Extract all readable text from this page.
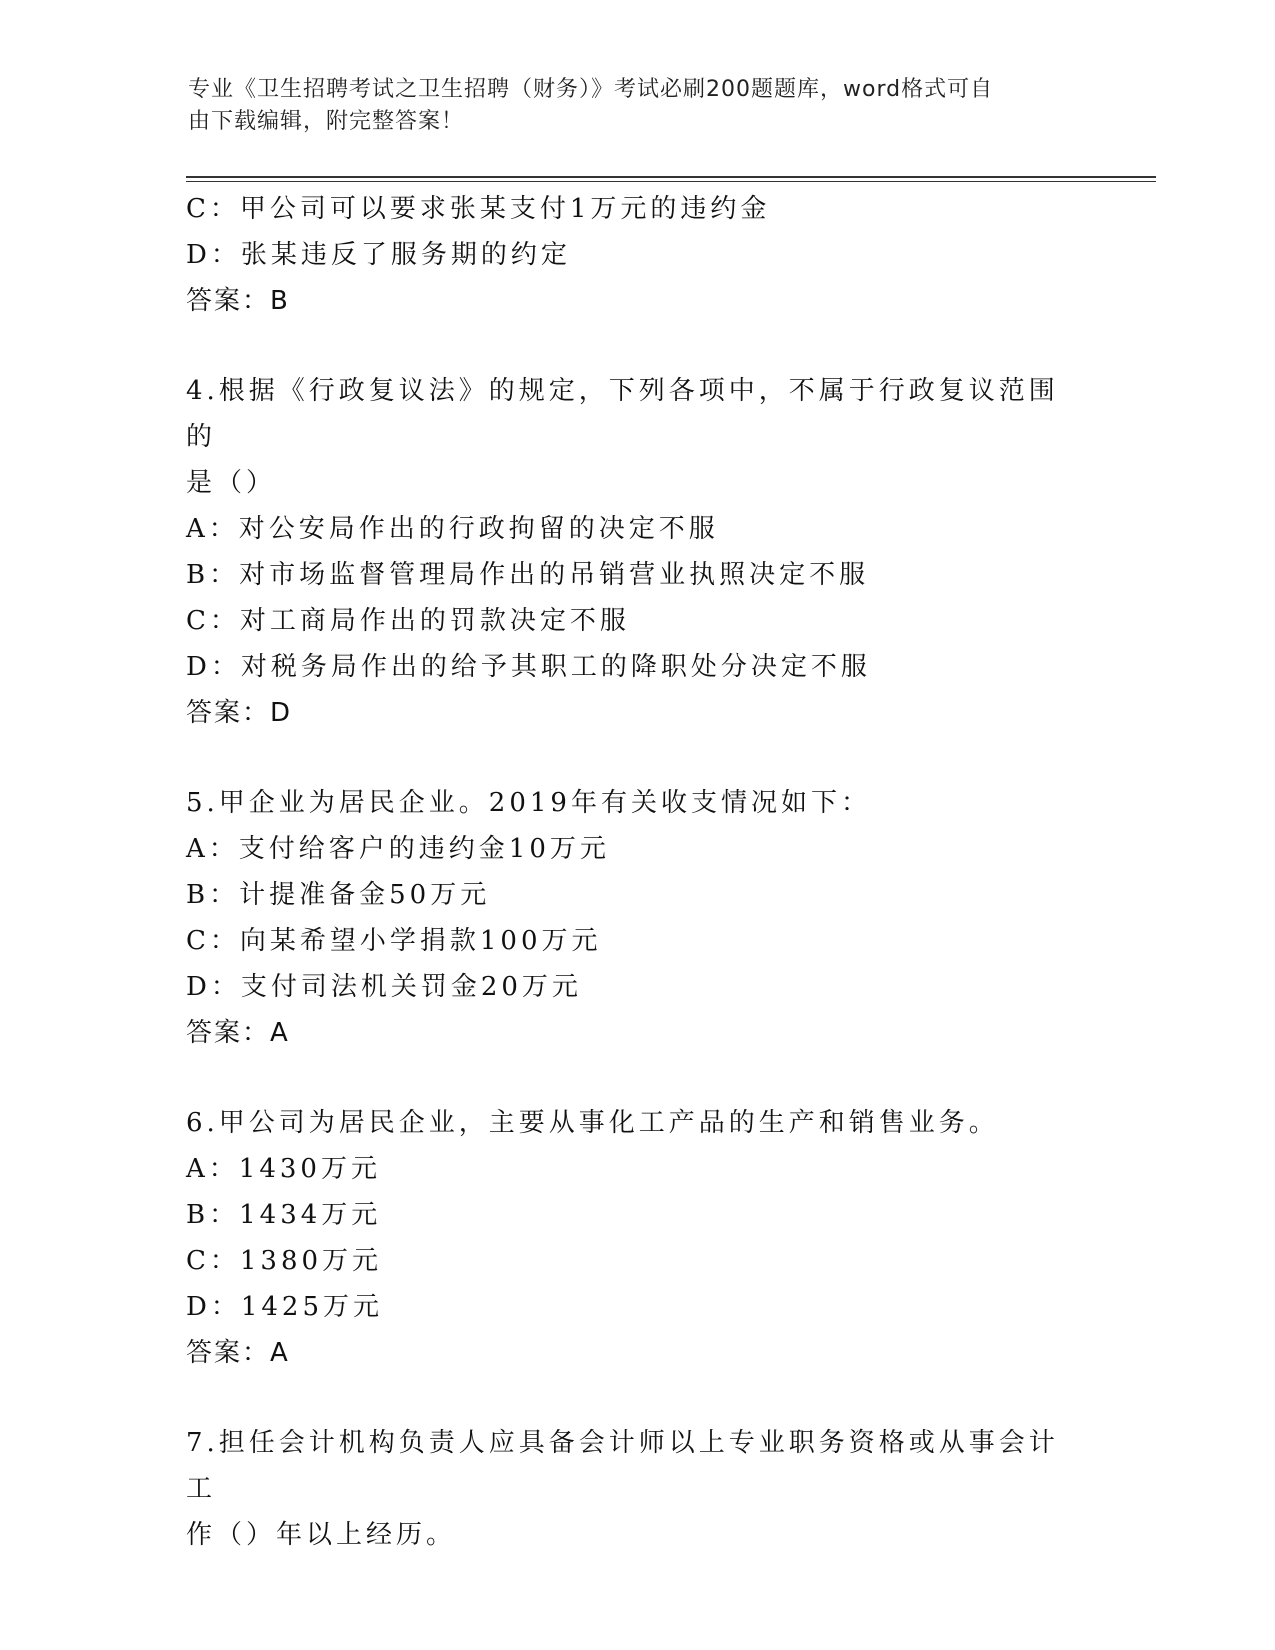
专业《卫生招聘考试之卫生招聘（财务）》考试必刷200题题库，word格式可自
由下载编辑，附完整答案！
C：甲公司可以要求张某支付1万元的违约金
D：张某违反了服务期的约定
答案：B
4.根据《行政复议法》的规定，下列各项中，不属于行政复议范围的
是（）
A：对公安局作出的行政拘留的决定不服
B：对市场监督管理局作出的吊销营业执照决定不服
C：对工商局作出的罚款决定不服
D：对税务局作出的给予其职工的降职处分决定不服
答案：D
5.甲企业为居民企业。2019年有关收支情况如下：
A：支付给客户的违约金10万元
B：计提准备金50万元
C：向某希望小学捐款100万元
D：支付司法机关罚金20万元
答案：A
6.甲公司为居民企业，主要从事化工产品的生产和销售业务。
A：1430万元
B：1434万元
C：1380万元
D：1425万元
答案：A
7.担任会计机构负责人应具备会计师以上专业职务资格或从事会计工
作（）年以上经历。
